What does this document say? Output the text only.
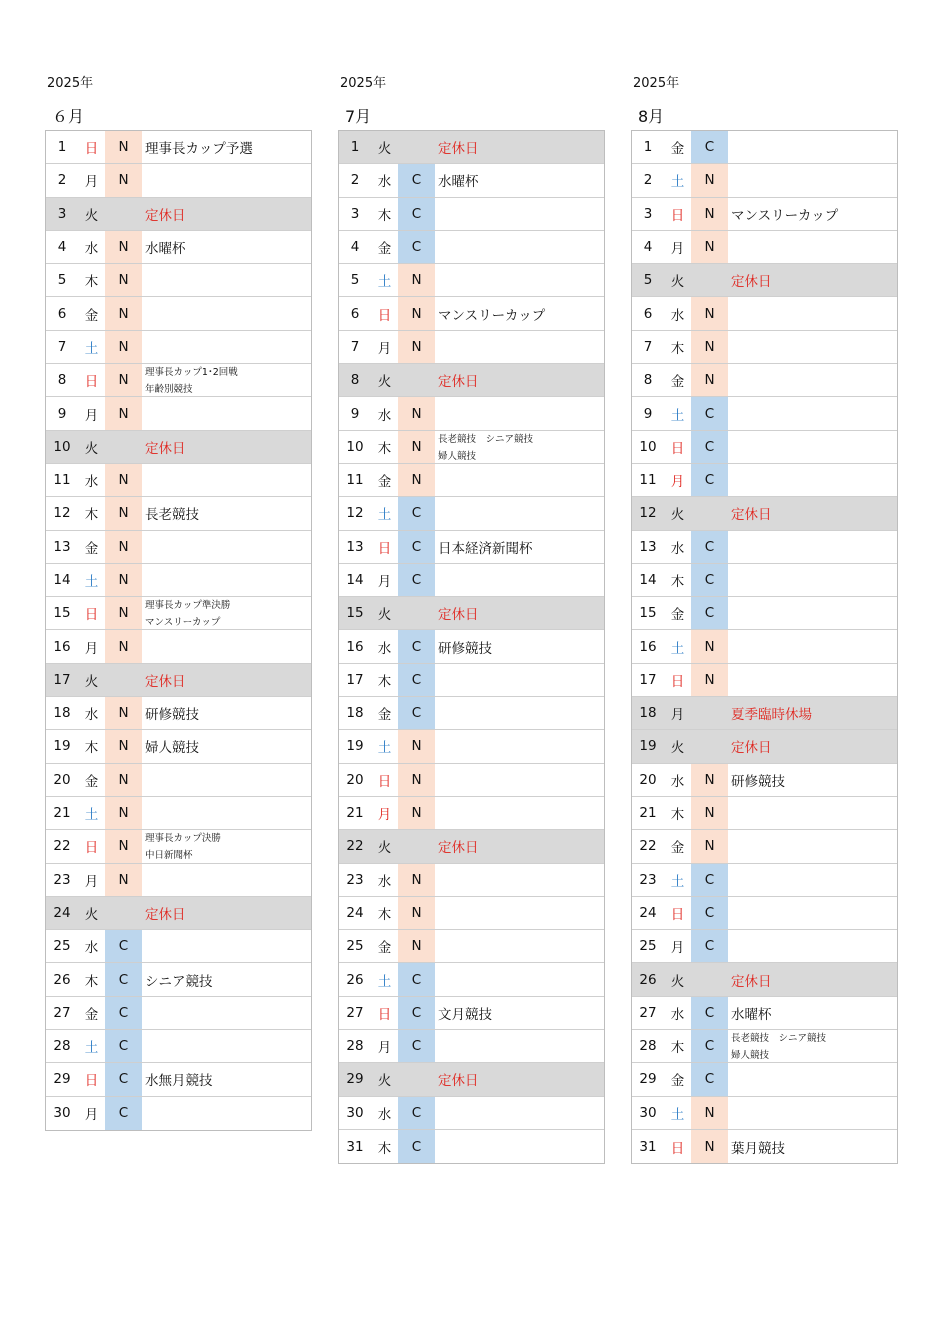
2025年
６月
1	日	N	理事長カップ予選
2	月	N
3	火	定休日
4	水	N	水曜杯
5	木	N
6	金	N
7	土	N
8	日	N	理事長カップ1･2回戦
年齢別競技
9	月	N
10	火	定休日
11	水	N
12	木	N	長老競技
13	金	N
14	土	N
15	日	N	理事長カップ準決勝
マンスリーカップ
16	月	N
17	火	定休日
18	水	N	研修競技
19	木	N	婦人競技
20	金	N
21	土	N
22	日	N	理事長カップ決勝
中日新聞杯
23	月	N
24	火	定休日
25	水	C
26	木	C	シニア競技
27	金	C
28	土	C
29	日	C	水無月競技
30	月	C
2025年
7月
1	火	定休日
2	水	C	水曜杯
3	木	C
4	金	C
5	土	N
6	日	N	マンスリーカップ
7	月	N
8	火	定休日
9	水	N
10	木	N	長老競技　シニア競技
婦人競技
11	金	N
12	土	C
13	日	C	日本経済新聞杯
14	月	C
15	火	定休日
16	水	C	研修競技
17	木	C
18	金	C
19	土	N
20	日	N
21	月	N
22	火	定休日
23	水	N
24	木	N
25	金	N
26	土	C
27	日	C	文月競技
28	月	C
29	火	定休日
30	水	C
31	木	C
2025年
8月
1	金	C
2	土	N
3	日	N	マンスリーカップ
4	月	N
5	火	定休日
6	水	N
7	木	N
8	金	N
9	土	C
10	日	C
11	月	C
12	火	定休日
13	水	C
14	木	C
15	金	C
16	土	N
17	日	N
18	月	夏季臨時休場
19	火	定休日
20	水	N	研修競技
21	木	N
22	金	N
23	土	C
24	日	C
25	月	C
26	火	定休日
27	水	C	水曜杯
28	木	C	長老競技　シニア競技
婦人競技
29	金	C
30	土	N
31	日	N	葉月競技
